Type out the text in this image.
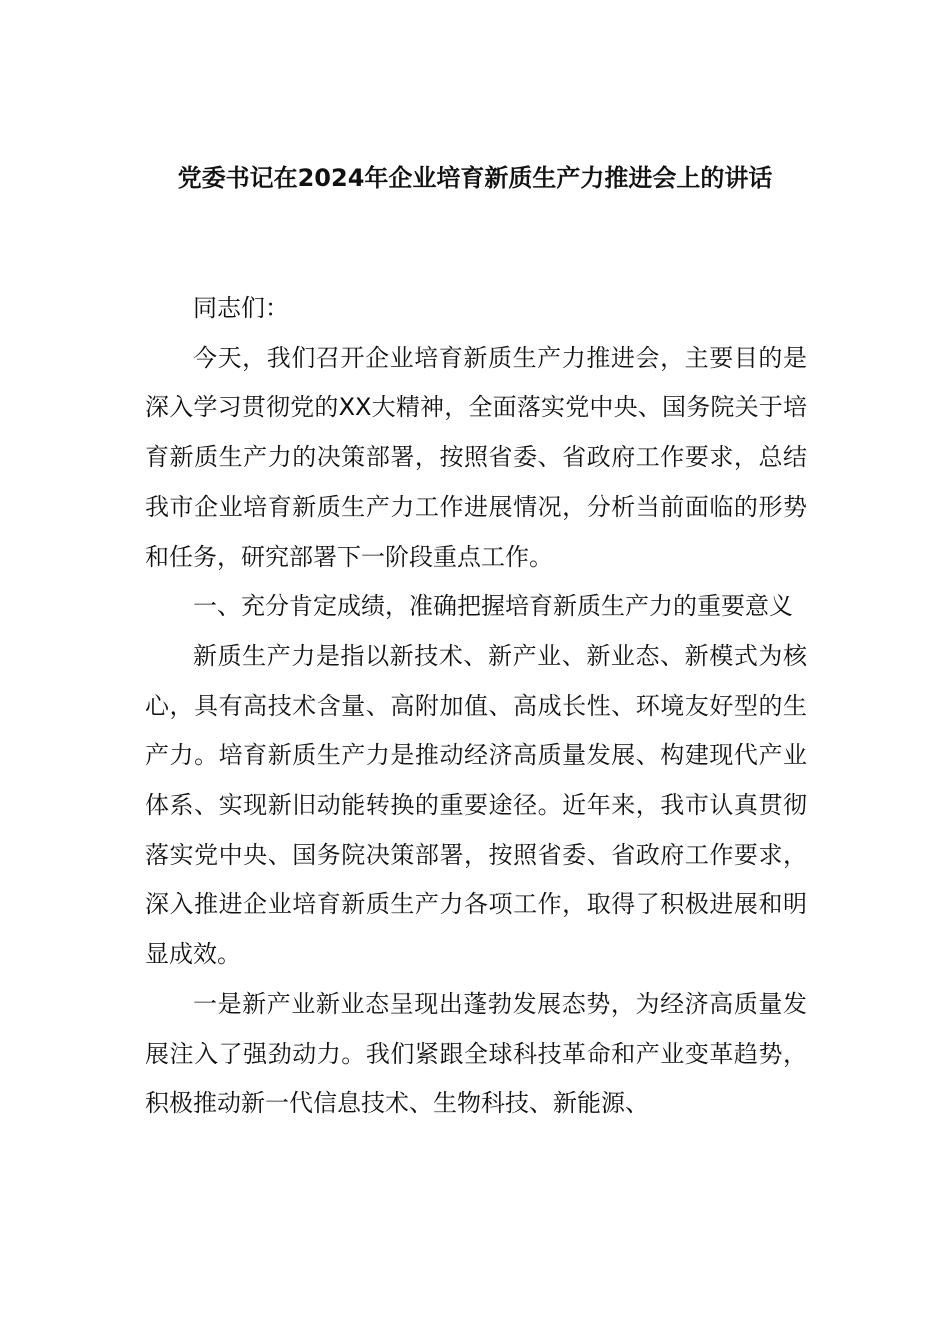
党委书记在2024年企业培育新质生产力推进会上的讲话

同志们：

今天，我们召开企业培育新质生产力推进会，主要目的是深入学习贯彻党的XX大精神，全面落实党中央、国务院关于培育新质生产力的决策部署，按照省委、省政府工作要求，总结我市企业培育新质生产力工作进展情况，分析当前面临的形势和任务，研究部署下一阶段重点工作。

一、充分肯定成绩，准确把握培育新质生产力的重要意义

新质生产力是指以新技术、新产业、新业态、新模式为核心，具有高技术含量、高附加值、高成长性、环境友好型的生产力。培育新质生产力是推动经济高质量发展、构建现代产业体系、实现新旧动能转换的重要途径。近年来，我市认真贯彻落实党中央、国务院决策部署，按照省委、省政府工作要求，深入推进企业培育新质生产力各项工作，取得了积极进展和明显成效。

一是新产业新业态呈现出蓬勃发展态势，为经济高质量发展注入了强劲动力。我们紧跟全球科技革命和产业变革趋势，积极推动新一代信息技术、生物科技、新能源、
